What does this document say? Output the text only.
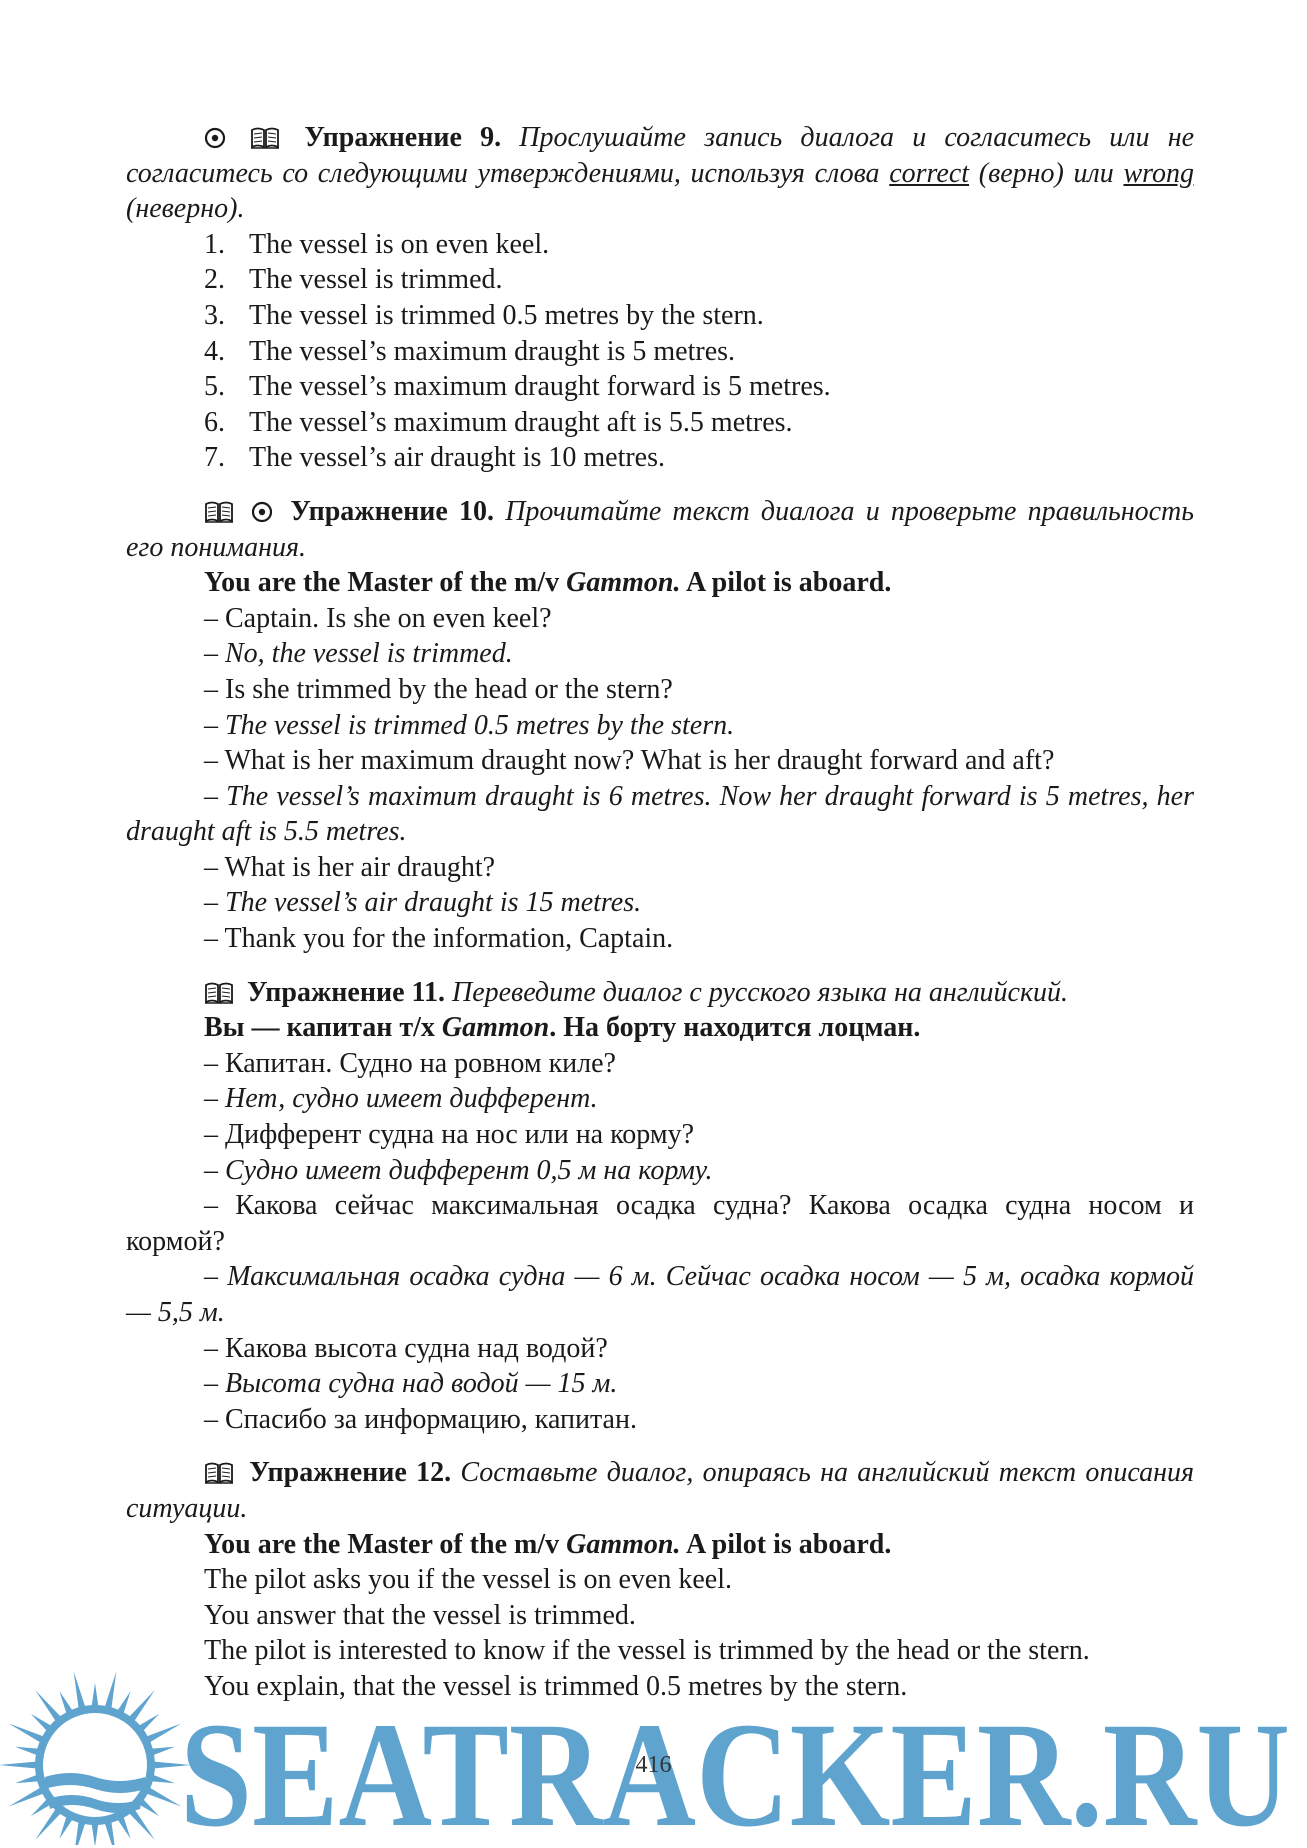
Упражнение 9. Прослушайте запись диалога и согласитесь или не согласитесь со следующими утверждениями, используя слова correct (верно) или wrong (неверно).

1. The vessel is on even keel.
2. The vessel is trimmed.
3. The vessel is trimmed 0.5 metres by the stern.
4. The vessel’s maximum draught is 5 metres.
5. The vessel’s maximum draught forward is 5 metres.
6. The vessel’s maximum draught aft is 5.5 metres.
7. The vessel’s air draught is 10 metres.

Упражнение 10. Прочитайте текст диалога и проверьте правильность его понимания.

You are the Master of the m/v Gammon. A pilot is aboard.

– Captain. Is she on even keel?

– No, the vessel is trimmed.

– Is she trimmed by the head or the stern?

– The vessel is trimmed 0.5 metres by the stern.

– What is her maximum draught now? What is her draught forward and aft?

– The vessel’s maximum draught is 6 metres. Now her draught forward is 5 metres, her draught aft is 5.5 metres.

– What is her air draught?

– The vessel’s air draught is 15 metres.

– Thank you for the information, Captain.

Упражнение 11. Переведите диалог с русского языка на английский.

Вы — капитан т/х Gammon. На борту находится лоцман.

– Капитан. Судно на ровном киле?

– Нет, судно имеет дифферент.

– Дифферент судна на нос или на корму?

– Судно имеет дифферент 0,5 м на корму.

– Какова сейчас максимальная осадка судна? Какова осадка судна носом и кормой?

– Максимальная осадка судна — 6 м. Сейчас осадка носом — 5 м, осадка кормой — 5,5 м.

– Какова высота судна над водой?

– Высота судна над водой — 15 м.

– Спасибо за информацию, капитан.

Упражнение 12. Составьте диалог, опираясь на английский текст описания ситуации.

You are the Master of the m/v Gammon. A pilot is aboard.

The pilot asks you if the vessel is on even keel.

You answer that the vessel is trimmed.

The pilot is interested to know if the vessel is trimmed by the head or the stern.

You explain, that the vessel is trimmed 0.5 metres by the stern.

SEATRACKER.RU
416
